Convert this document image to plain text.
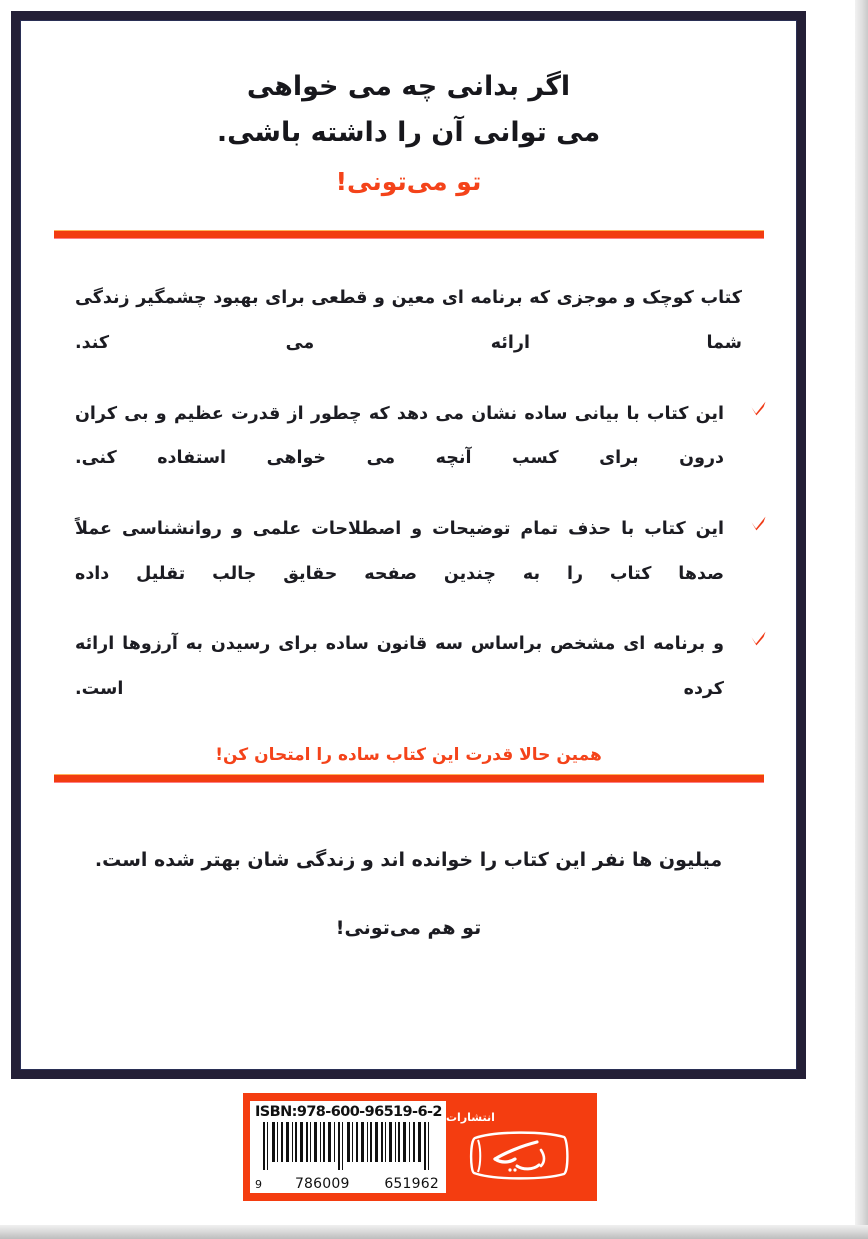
اگر بدانی چه می خواهی
می توانی آن را داشته باشی.
تو می‌تونی!

کتاب کوچک و موجزی که برنامه ای معین و قطعی برای بهبود چشمگیر زندگی شما ارائه می کند.

این کتاب با بیانی ساده نشان می دهد که چطور از قدرت عظیم و بی کران درون برای کسب آنچه می خواهی استفاده کنی.

این کتاب با حذف تمام توضیحات و اصطلاحات علمی و روانشناسی عملاً صدها کتاب را به چندین صفحه حقایق جالب تقلیل داده

و برنامه ای مشخص براساس سه قانون ساده برای رسیدن به آرزوها ارائه کرده است.

همین حالا قدرت این کتاب ساده را امتحان کن!

میلیون ها نفر این کتاب را خوانده اند و زندگی شان بهتر شده است.

تو هم می‌تونی!

انتشارات
ISBN:978-600-96519-6-2
9 786009 651962
